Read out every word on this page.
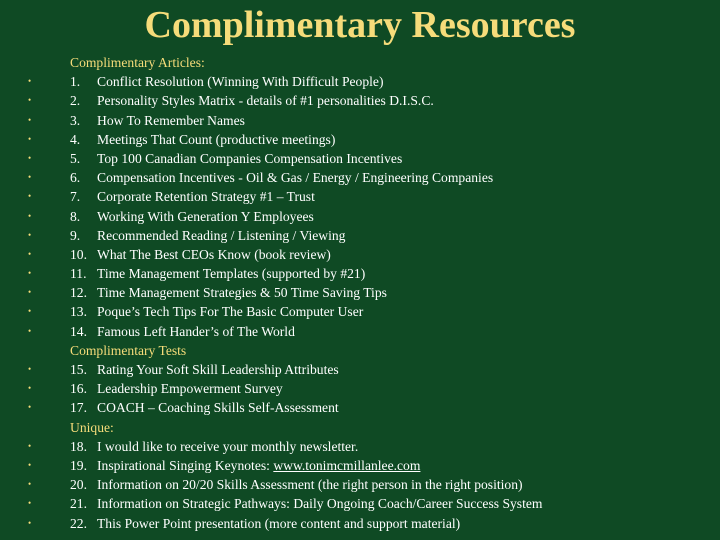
Complimentary Resources
Complimentary Articles:
•	1. Conflict Resolution (Winning With Difficult People)
•	2. Personality Styles Matrix - details of #1 personalities D.I.S.C.
•	3. How To Remember Names
•	4. Meetings That Count (productive meetings)
•	5. Top 100 Canadian Companies Compensation Incentives
•	6. Compensation Incentives - Oil & Gas / Energy / Engineering Companies
•	7. Corporate Retention Strategy #1 – Trust
•	8. Working With Generation Y Employees
•	9. Recommended Reading / Listening / Viewing
•	10. What The Best CEOs Know (book review)
•	11. Time Management Templates (supported by #21)
•	12. Time Management Strategies & 50 Time Saving Tips
•	13. Poque’s Tech Tips For The Basic Computer User
•	14. Famous Left Hander’s of The World
Complimentary Tests
•	15. Rating Your Soft Skill Leadership Attributes
•	16. Leadership Empowerment Survey
•	17. COACH – Coaching Skills Self-Assessment
Unique:
•	18. I would like to receive your monthly newsletter.
•	19. Inspirational Singing Keynotes: www.tonimcmillanlee.com
•	20. Information on 20/20 Skills Assessment (the right person in the right position)
•	21. Information on Strategic Pathways: Daily Ongoing Coach/Career Success System
•	22. This Power Point presentation (more content and support material)
